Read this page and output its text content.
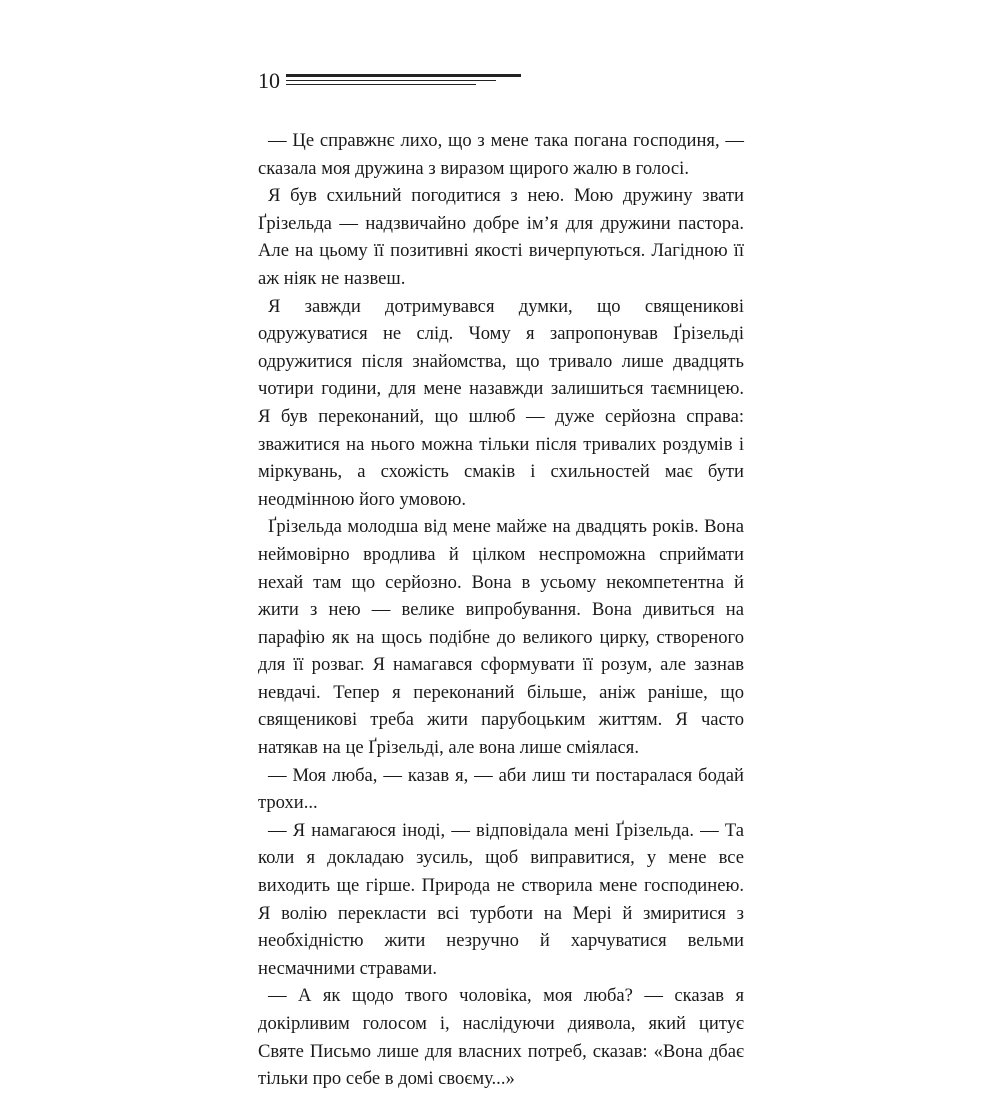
10

— Це справжнє лихо, що з мене така погана господиня, — сказала моя дружина з виразом щирого жалю в голосі.

Я був схильний погодитися з нею. Мою дружину звати Ґрізельда — надзвичайно добре ім’я для дружини пастора. Але на цьому її позитивні якості вичерпуються. Лагідною її аж ніяк не назвеш.

Я завжди дотримувався думки, що священикові одружуватися не слід. Чому я запропонував Ґрізельді одружитися після знайомства, що тривало лише двадцять чотири години, для мене назавжди залишиться таємницею. Я був переконаний, що шлюб — дуже серйозна справа: зважитися на нього можна тільки після тривалих роздумів і міркувань, а схожість смаків і схильностей має бути неодмінною його умовою.

Ґрізельда молодша від мене майже на двадцять років. Вона неймовірно вродлива й цілком неспроможна сприймати нехай там що серйозно. Вона в усьому некомпетентна й жити з нею — велике випробування. Вона дивиться на парафію як на щось подібне до великого цирку, створеного для її розваг. Я намагався сформувати її розум, але зазнав невдачі. Тепер я переконаний більше, аніж раніше, що священикові треба жити парубоцьким життям. Я часто натякав на це Ґрізельді, але вона лише сміялася.

— Моя люба, — казав я, — аби лиш ти постаралася бодай трохи...

— Я намагаюся іноді, — відповідала мені Ґрізельда. — Та коли я докладаю зусиль, щоб виправитися, у мене все виходить ще гірше. Природа не створила мене господинею. Я волію перекласти всі турботи на Мері й змиритися з необхідністю жити незручно й харчуватися вельми несмачними стравами.

— А як щодо твого чоловіка, моя люба? — сказав я докірливим голосом і, наслідуючи диявола, який цитує Святе Письмо лише для власних потреб, сказав: «Вона дбає тільки про себе в домі своєму...»
